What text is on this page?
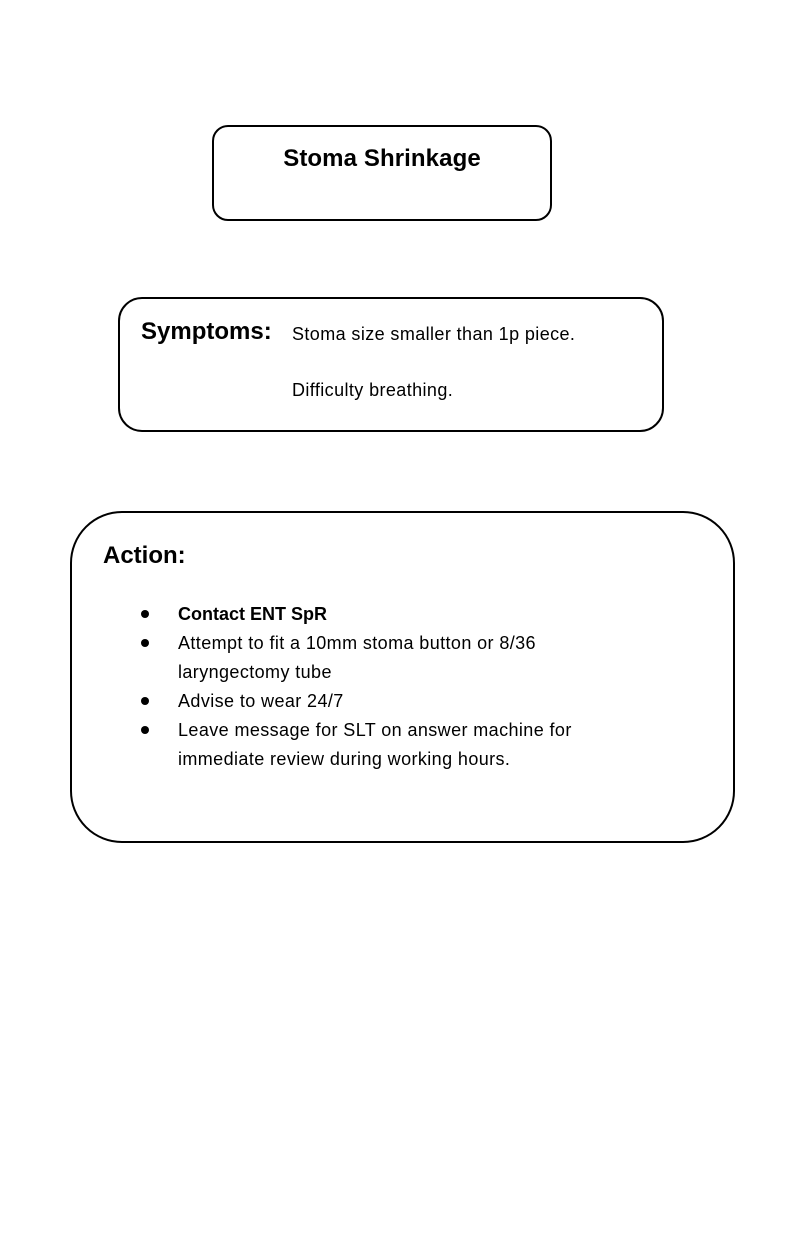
Stoma Shrinkage
Symptoms: Stoma size smaller than 1p piece.
Difficulty breathing.
Action:
Contact ENT SpR
Attempt to fit a 10mm stoma button or 8/36 laryngectomy tube
Advise to wear 24/7
Leave message for SLT on answer machine for immediate review during working hours.
